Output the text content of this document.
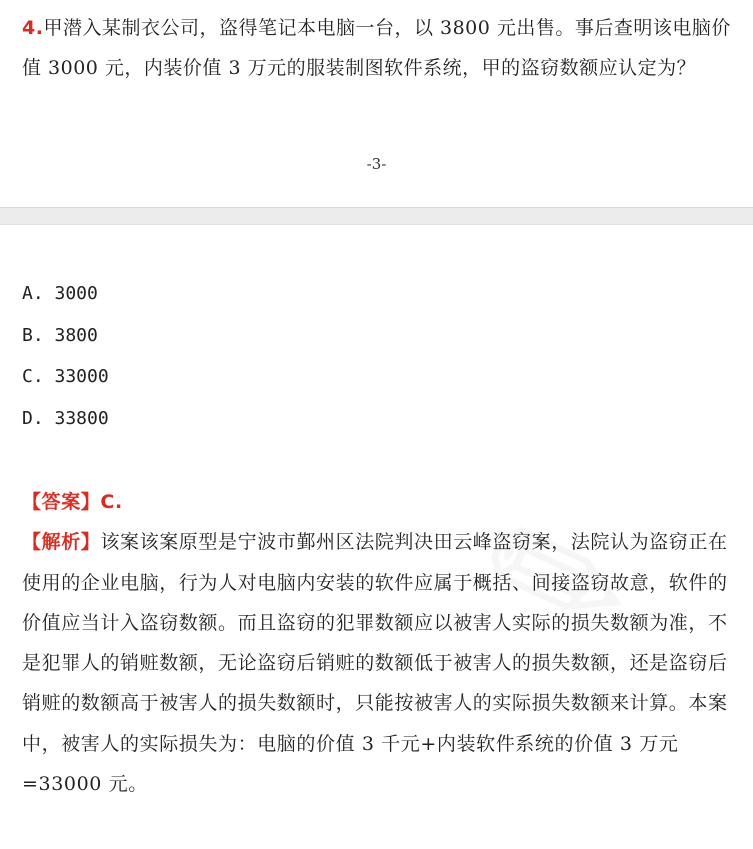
4.甲潜入某制衣公司，盗得笔记本电脑一台，以 3800 元出售。事后查明该电脑价值 3000 元，内装价值 3 万元的服装制图软件系统，甲的盗窃数额应认定为？
-3-
A. 3000
B. 3800
C. 33000
D. 33800
【答案】C.
【解析】该案该案原型是宁波市鄞州区法院判决田云峰盗窃案，法院认为盗窃正在使用的企业电脑，行为人对电脑内安装的软件应属于概括、间接盗窃故意，软件的价值应当计入盗窃数额。而且盗窃的犯罪数额应以被害人实际的损失数额为准，不是犯罪人的销赃数额，无论盗窃后销赃的数额低于被害人的损失数额，还是盗窃后销赃的数额高于被害人的损失数额时，只能按被害人的实际损失数额来计算。本案中，被害人的实际损失为：电脑的价值 3 千元+内装软件系统的价值 3 万元=33000 元。
